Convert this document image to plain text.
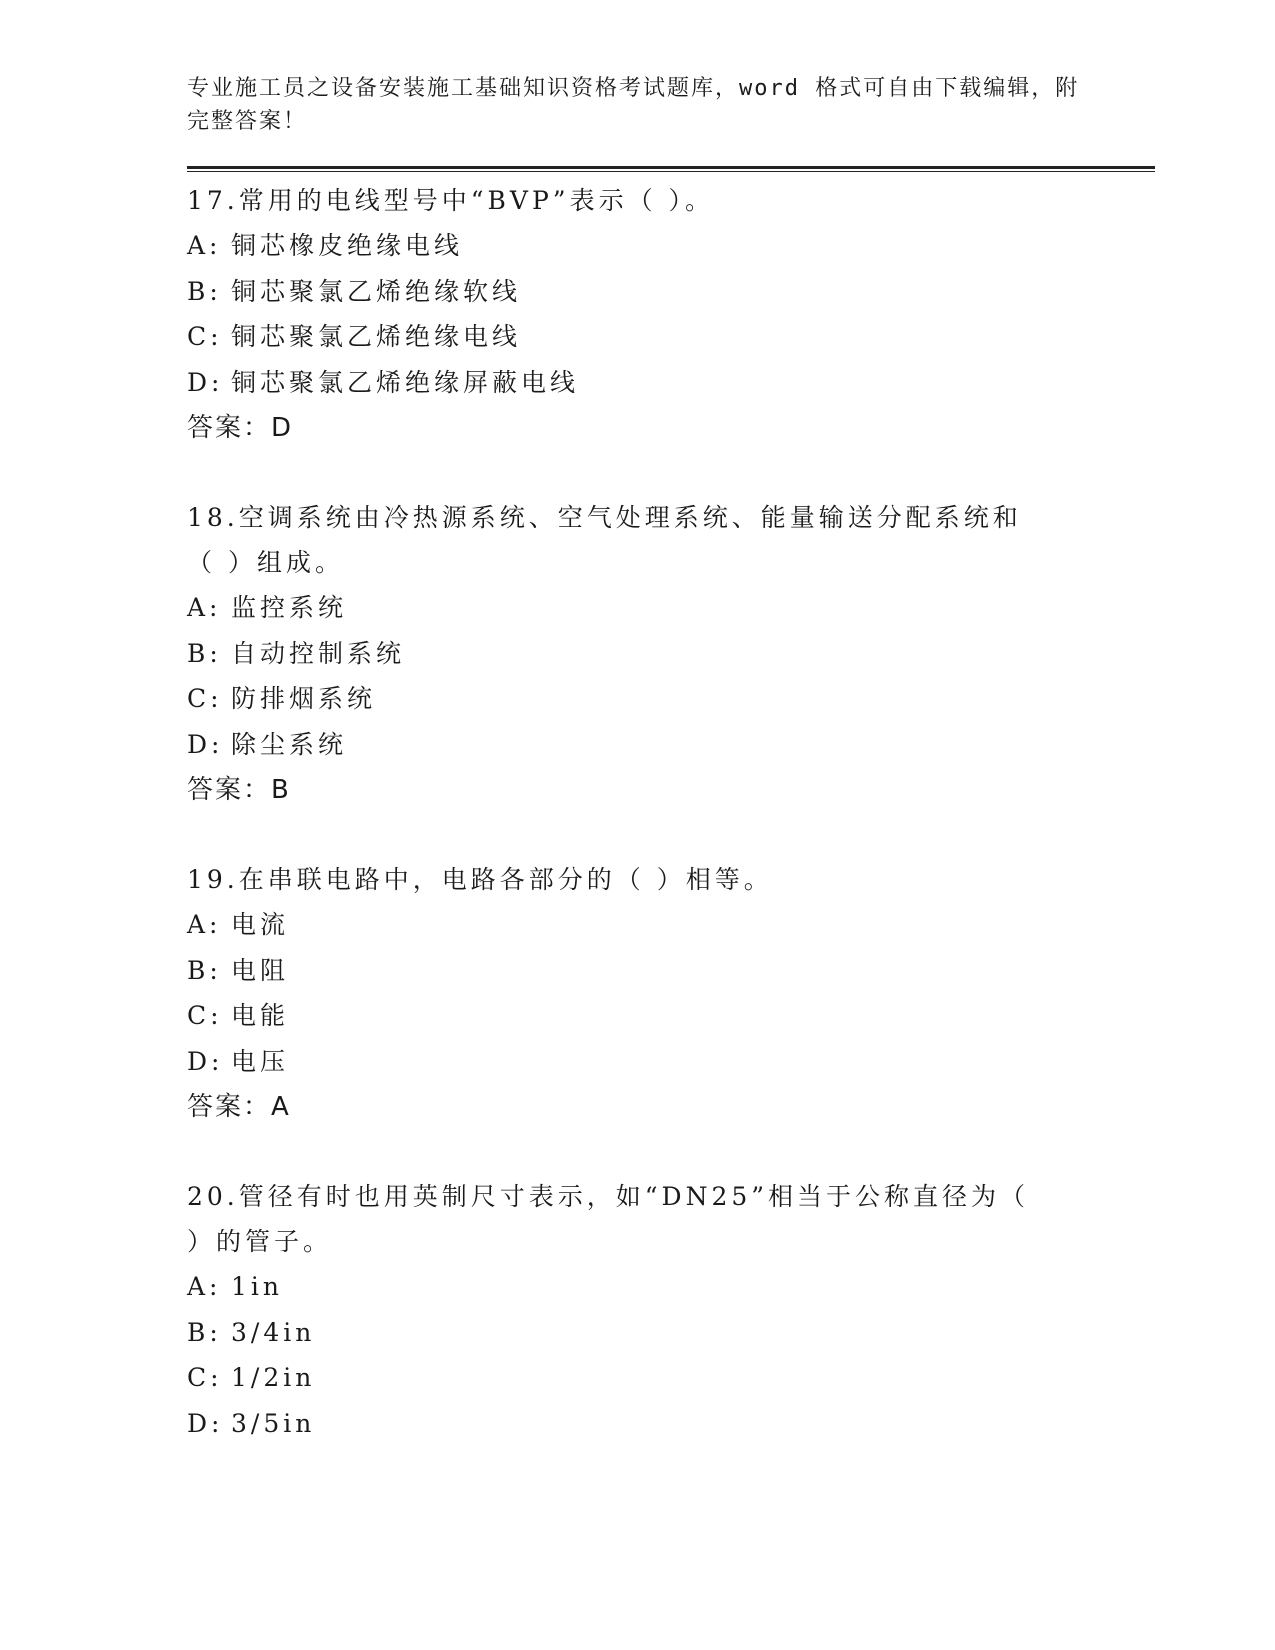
专业施工员之设备安装施工基础知识资格考试题库，word 格式可自由下载编辑，附完整答案！
17.常用的电线型号中“BVP”表示（ ）。
A: 铜芯橡皮绝缘电线
B: 铜芯聚氯乙烯绝缘软线
C: 铜芯聚氯乙烯绝缘电线
D: 铜芯聚氯乙烯绝缘屏蔽电线
答案：D
18.空调系统由冷热源系统、空气处理系统、能量输送分配系统和（ ）组成。
A: 监控系统
B: 自动控制系统
C: 防排烟系统
D: 除尘系统
答案：B
19.在串联电路中，电路各部分的（ ）相等。
A: 电流
B: 电阻
C: 电能
D: 电压
答案：A
20.管径有时也用英制尺寸表示，如“DN25”相当于公称直径为（ ）的管子。
A: 1in
B: 3/4in
C: 1/2in
D: 3/5in
